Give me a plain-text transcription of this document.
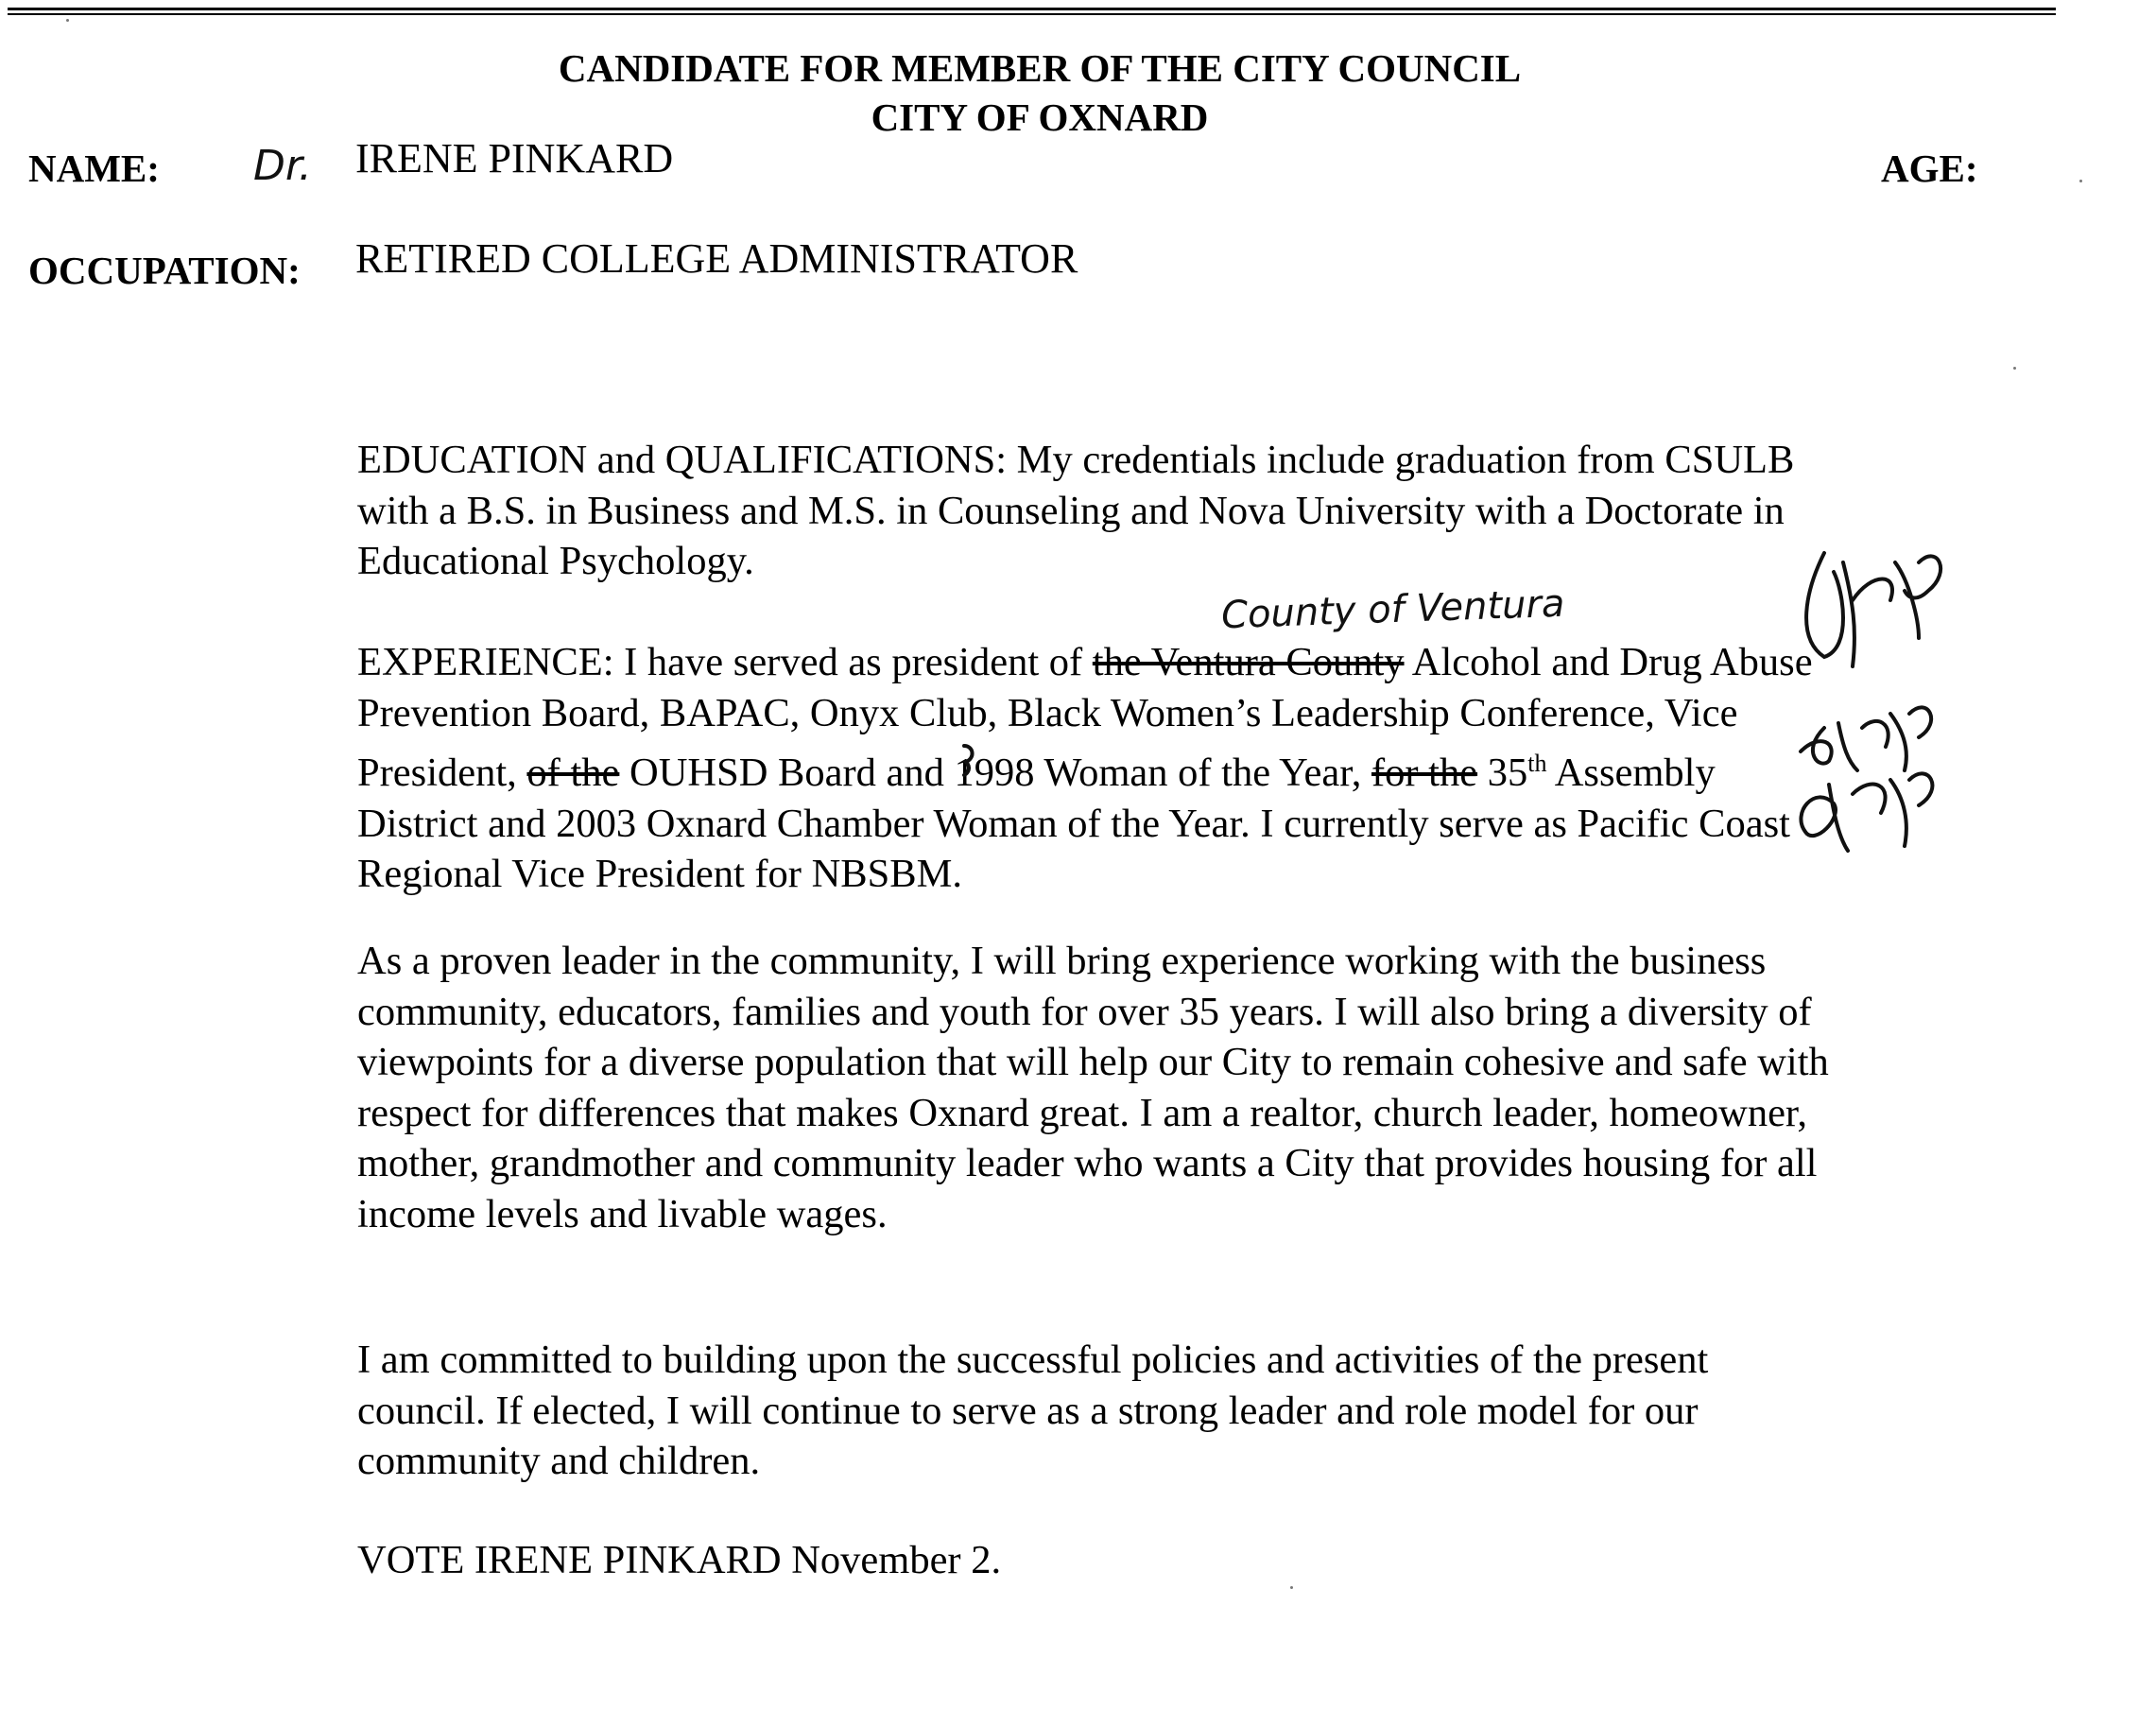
CANDIDATE FOR MEMBER OF THE CITY COUNCIL
CITY OF OXNARD
NAME: Dr. IRENE PINKARD	AGE:
OCCUPATION: RETIRED COLLEGE ADMINISTRATOR

EDUCATION and QUALIFICATIONS: My credentials include graduation from CSULB with a B.S. in Business and M.S. in Counseling and Nova University with a Doctorate in Educational Psychology.

County of Ventura

EXPERIENCE: I have served as president of the Ventura County Alcohol and Drug Abuse Prevention Board, BAPAC, Onyx Club, Black Women’s Leadership Conference, Vice President, of the OUHSD Board and 1998 Woman of the Year, for the 35th Assembly District and 2003 Oxnard Chamber Woman of the Year. I currently serve as Pacific Coast Regional Vice President for NBSBM.

As a proven leader in the community, I will bring experience working with the business community, educators, families and youth for over 35 years. I will also bring a diversity of viewpoints for a diverse population that will help our City to remain cohesive and safe with respect for differences that makes Oxnard great. I am a realtor, church leader, homeowner, mother, grandmother and community leader who wants a City that provides housing for all income levels and livable wages.

I am committed to building upon the successful policies and activities of the present council. If elected, I will continue to serve as a strong leader and role model for our community and children.

VOTE IRENE PINKARD November 2.
